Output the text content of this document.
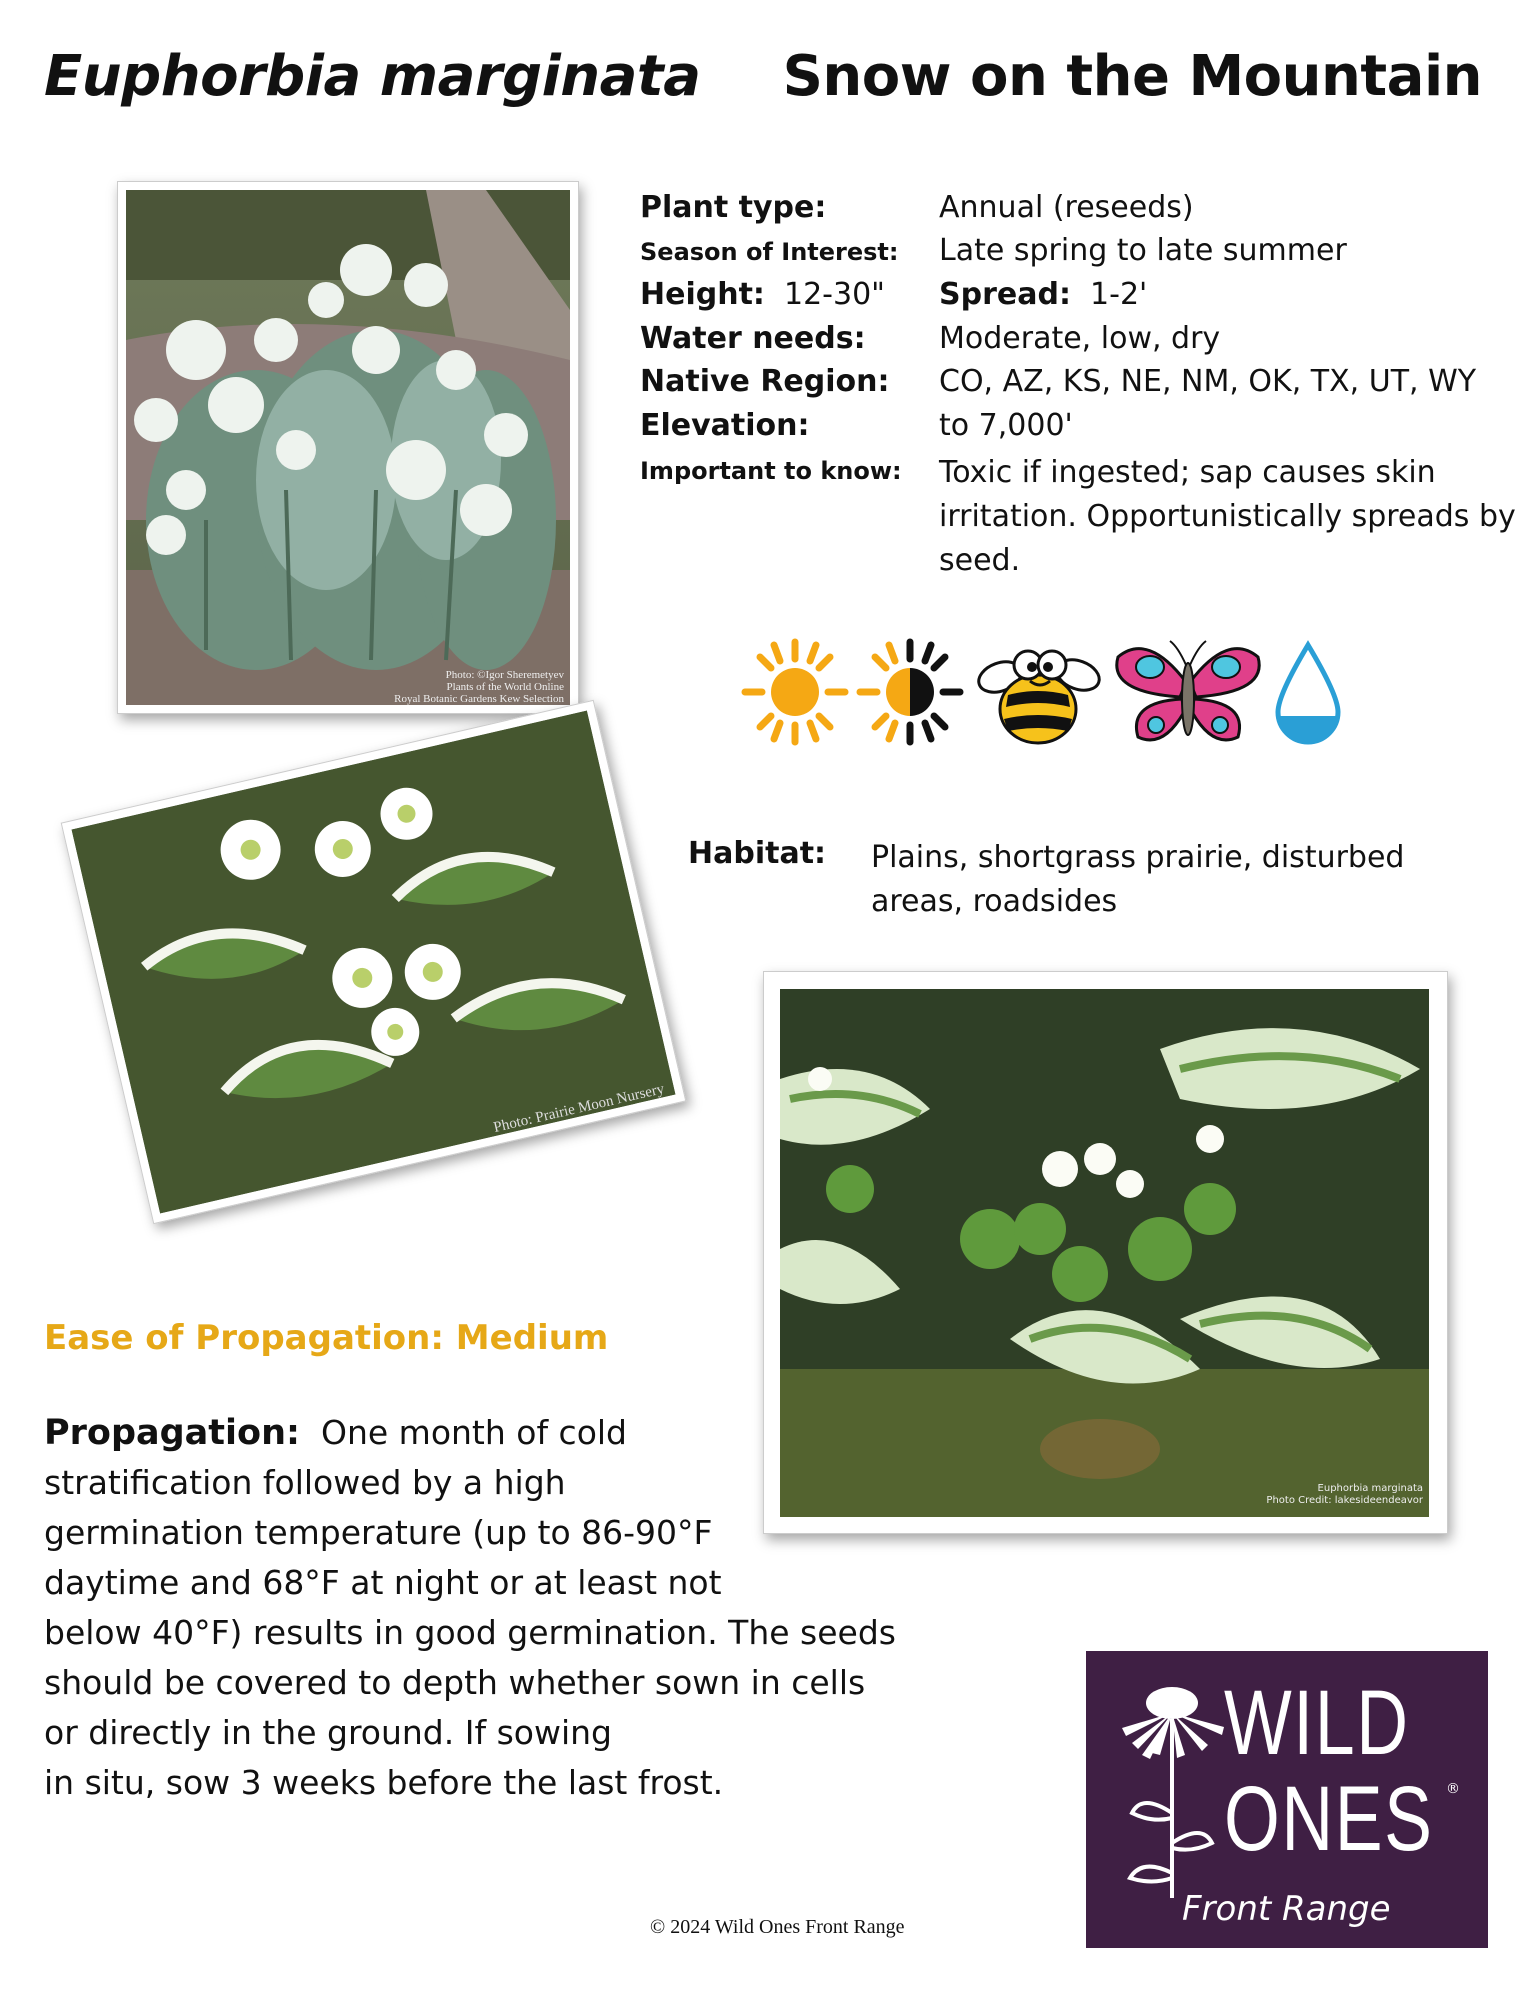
Euphorbia marginata Snow on the Mountain
Photo: ©Igor Sheremetyev
Plants of the World Online
Royal Botanic Gardens Kew Selection
Photo: Prairie Moon Nursery
Plant type:	Annual (reseeds)
Season of Interest: Late spring to late summer
Height: 12-30" Spread: 1-2'
Water needs: Moderate, low, dry
Native Region: CO, AZ, KS, NE, NM, OK, TX, UT, WY
Elevation:	to 7,000'
Important to know: Toxic if ingested; sap causes skin
irritation. Opportunistically spreads by
seed.
Habitat: Plains, shortgrass prairie, disturbed areas, roadsides
Euphorbia marginata
Photo Credit: lakesideendeavor
Ease of Propagation: Medium
Propagation: One month of cold
stratification followed by a high
germination temperature (up to 86-90°F
daytime and 68°F at night or at least not
below 40°F) results in good germination. The seeds
should be covered to depth whether sown in cells
or directly in the ground. If sowing
in situ, sow 3 weeks before the last frost.
© 2024 Wild Ones Front Range
WILD
ONES ®
Front Range
